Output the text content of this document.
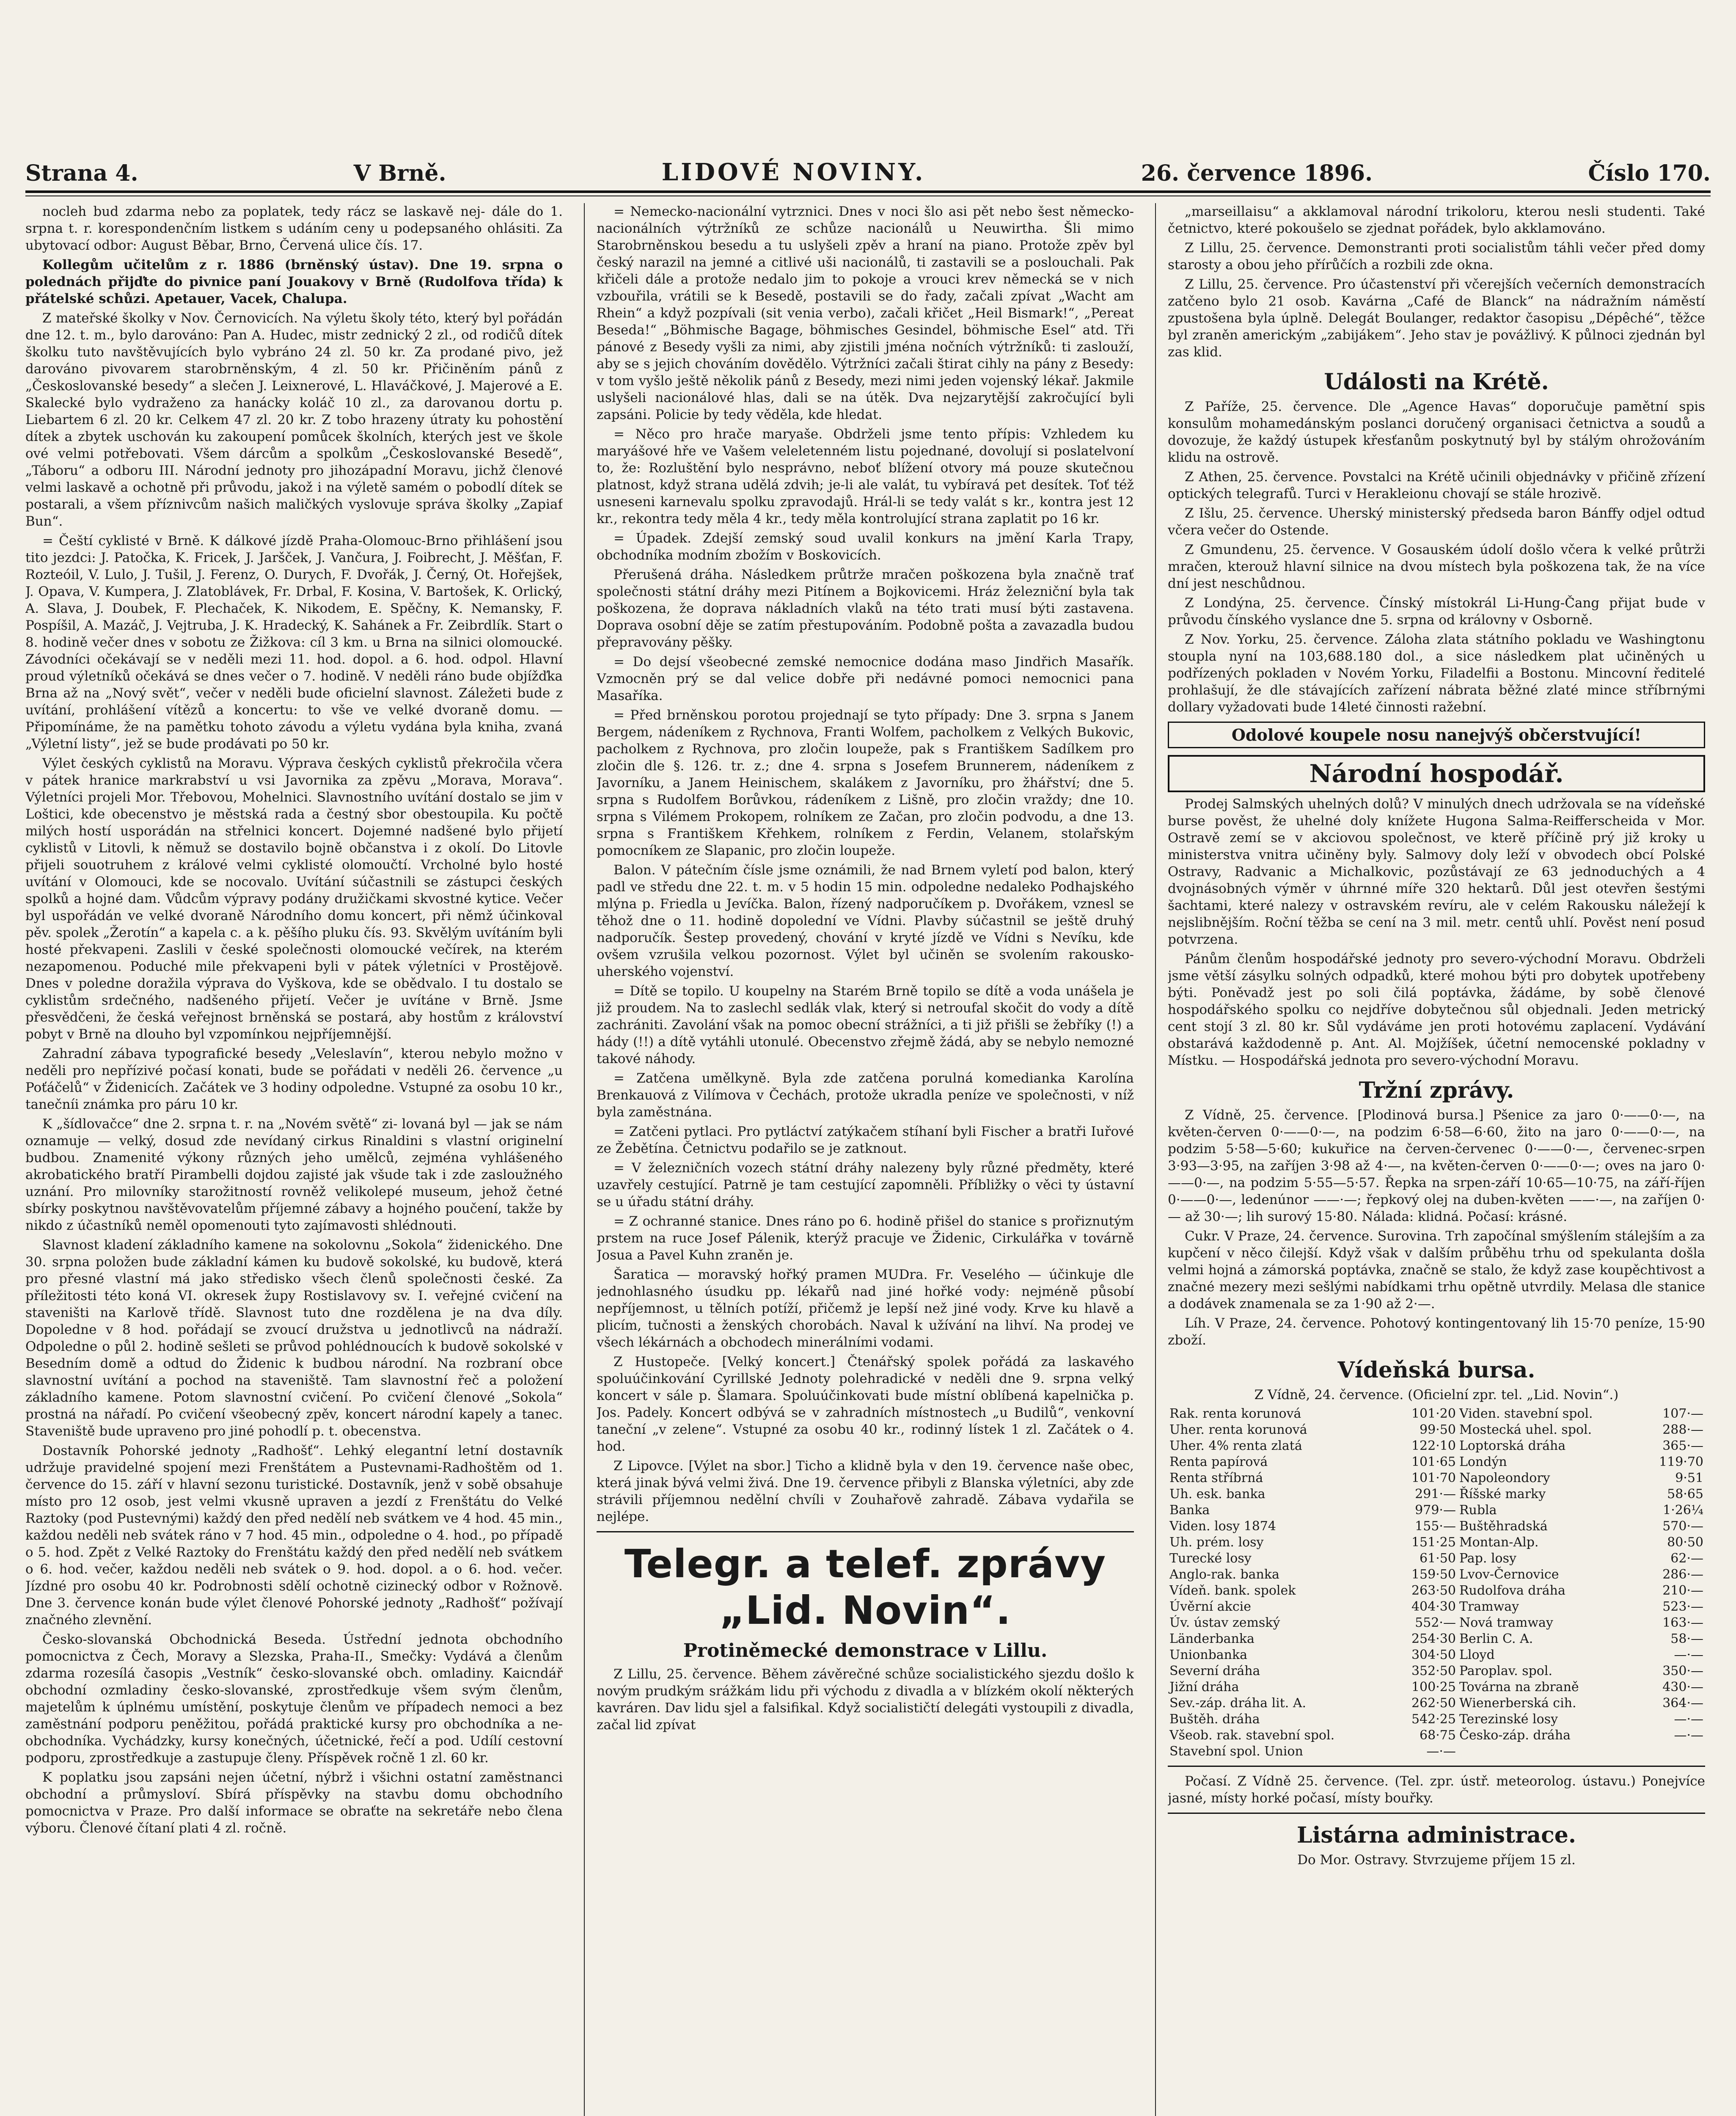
Strana 4.	V Brně.	LIDOVÉ NOVINY.	26. července 1896.	Číslo 170.

nocleh bud zdarma nebo za poplatek, tedy rácz se laskavě nej- dále do 1. srpna t. r. korespondenčním listkem s udáním ceny u podepsaného ohlásiti. Za ubytovací odbor: August Běbar, Brno, Červená ulice čís. 17.

Kollegům učitelům z r. 1886 (brněnský ústav). Dne 19. srpna o polednách přijďte do pivnice paní Jouakovy v Brně (Rudolfova třída) k přátelské schůzi. Apetauer, Vacek, Chalupa.

Z mateřské školky v Nov. Černovicích. Na výletu školy této, který byl pořádán dne 12. t. m., bylo darováno: Pan A. Hudec, mistr zednický 2 zl., od rodičů dítek školku tuto navštěvujících bylo vybráno 24 zl. 50 kr. Za prodané pivo, jež darováno pivovarem starobrněnským, 4 zl. 50 kr. Přičiněním pánů z „Českoslovanské besedy“ a slečen J. Leixnerové, L. Hlaváčkové, J. Majerové a E. Skalecké bylo vydraženo za hanácky koláč 10 zl., za darovanou dortu p. Liebartem 6 zl. 20 kr. Celkem 47 zl. 20 kr. Z tobo hrazeny útraty ku pohostění dítek a zbytek uschován ku zakoupení pomůcek školních, kterých jest ve škole ové velmi potřebovati. Všem dárcům a spolkům „Českoslovanské Besedě“, „Táboru“ a odboru III. Národní jednoty pro jihozápadní Moravu, jichž členové velmi laskavě a ochotně při průvodu, jakož i na výletě samém o pobodlí dítek se postarali, a všem příznivcům našich maličkých vyslovuje správa školky „Zapiaf Bun“.

= Čeští cyklisté v Brně. K dálkové jízdě Praha-Olomouc-Brno přihlášení jsou tito jezdci: J. Patočka, K. Fricek, J. Jaršček, J. Vančura, J. Foibrecht, J. Měšťan, F. Rozteóil, V. Lulo, J. Tušil, J. Ferenz, O. Durych, F. Dvořák, J. Černý, Ot. Hořejšek, J. Opava, V. Kumpera, J. Zlatoblávek, Fr. Drbal, F. Kosina, V. Bartošek, K. Orlický, A. Slava, J. Doubek, F. Plechaček, K. Nikodem, E. Spěčny, K. Nemansky, F. Pospíšil, A. Mazáč, J. Vejtruba, J. K. Hradecký, K. Sahánek a Fr. Zeibrdlík. Start o 8. hodině večer dnes v sobotu ze Žižkova: cíl 3 km. u Brna na silnici olomoucké. Závodníci očekávají se v neděli mezi 11. hod. dopol. a 6. hod. odpol. Hlavní proud výletníků očekává se dnes večer o 7. hodině. V neděli ráno bude objížďka Brna až na „Nový svět“, večer v neděli bude oficielní slavnost. Záležeti bude z uvítání, prohlášení vítězů a koncertu: to vše ve velké dvoraně domu. — Připomínáme, že na pamětku tohoto závodu a výletu vydána byla kniha, zvaná „Výletní listy“, jež se bude prodávati po 50 kr.

Výlet českých cyklistů na Moravu. Výprava českých cyklistů překročila včera v pátek hranice markrabství u vsi Javornika za zpěvu „Morava, Morava“. Výletníci projeli Mor. Třebovou, Mohelnici. Slavnostního uvítání dostalo se jim v Loštici, kde obecenstvo je městská rada a čestný sbor obestoupila. Ku počtě milých hostí usporádán na střelnici koncert. Dojemné nadšené bylo přijetí cyklistů v Litovli, k němuž se dostavilo bojně občanstva i z okolí. Do Litovle přijeli souotruhem z králové velmi cyklisté olomoučtí. Vrcholné bylo hosté uvítání v Olomouci, kde se nocovalo. Uvítání súčastnili se zástupci českých spolků a hojné dam. Vůdcům výpravy podány družičkami skvostné kytice. Večer byl uspořádán ve velké dvoraně Národního domu koncert, při němž účinkoval pěv. spolek „Žerotín“ a kapela c. a k. pěšího pluku čís. 93. Skvělým uvítáním byli hosté překvapeni. Zaslili v české společnosti olomoucké večírek, na kterém nezapomenou. Poduché mile překvapeni byli v pátek výletníci v Prostějově. Dnes v poledne doražila výprava do Vyškova, kde se obědvalo. I tu dostalo se cyklistům srdečného, nadšeného přijetí. Večer je uvítáne v Brně. Jsme přesvědčeni, že česká veřejnost brněnská se postará, aby hostům z království pobyt v Brně na dlouho byl vzpomínkou nejpříjemnější.

Zahradní zábava typografické besedy „Veleslavín“, kterou nebylo možno v neděli pro nepřízivé počasí konati, bude se pořádati v neděli 26. července „u Poťáčelů“ v Židenicích. Začátek ve 3 hodiny odpoledne. Vstupné za osobu 10 kr., tanečníi známka pro páru 10 kr.

K „šídlovačce“ dne 2. srpna t. r. na „Novém světě“ zi- lovaná byl — jak se nám oznamuje — velký, dosud zde nevídaný cirkus Rinaldini s vlastní originelní budbou. Znamenité výkony různých jeho umělců, zejména vyhlášeného akrobatického bratří Pirambelli dojdou zajisté jak všude tak i zde zasloužného uznání. Pro milovníky starožitností rovněž velikolepé museum, jehož četné sbírky poskytnou navštěvovatelům příjemné zábavy a hojného poučení, takže by nikdo z účastníků neměl opomenouti tyto zajímavosti shlédnouti.

Slavnost kladení základního kamene na sokolovnu „Sokola“ židenického. Dne 30. srpna položen bude základní kámen ku budově sokolské, ku budově, která pro přesné vlastní má jako středisko všech členů společnosti české. Za příležitosti této koná VI. okresek župy Rostislavovy sv. I. veřejné cvičení na staveništi na Karlově třídě. Slavnost tuto dne rozdělena je na dva díly. Dopoledne v 8 hod. pořádají se zvoucí družstva u jednotlivců na nádraží. Odpoledne o půl 2. hodině sešleti se průvod pohlédnoucích k budově sokolské v Besedním domě a odtud do Židenic k budbou národní. Na rozbraní obce slavnostní uvítání a pochod na staveniště. Tam slavnostní řeč a položení základního kamene. Potom slavnostní cvičení. Po cvičení členové „Sokola“ prostná na nářadí. Po cvičení všeobecný zpěv, koncert národní kapely a tanec. Staveniště bude upraveno pro jiné pohodlí p. t. obecenstva.

Dostavník Pohorské jednoty „Radhošť“. Lehký elegantní letní dostavník udržuje pravidelné spojení mezi Frenštátem a Pustevnami-Radhoštěm od 1. července do 15. září v hlavní sezonu turistické. Dostavník, jenž v sobě obsahuje místo pro 12 osob, jest velmi vkusně upraven a jezdí z Frenštátu do Velké Raztoky (pod Pustevnými) každý den před nedělí neb svátkem ve 4 hod. 45 min., každou neděli neb svátek ráno v 7 hod. 45 min., odpoledne o 4. hod., po případě o 5. hod. Zpět z Velké Raztoky do Frenštátu každý den před nedělí neb svátkem o 6. hod. večer, každou neděli neb svátek o 9. hod. dopol. a o 6. hod. večer. Jízdné pro osobu 40 kr. Podrobnosti sdělí ochotně cizinecký odbor v Rožnově. Dne 3. července konán bude výlet členové Pohorské jednoty „Radhošť“ požívají značného zlevnění.

Česko-slovanská Obchodnická Beseda. Ústřední jednota obchodního pomocnictva z Čech, Moravy a Slezska, Praha-II., Smečky: Vydává a členům zdarma rozesílá časopis „Vestník“ česko-slovanské obch. omladiny. Kaicndář obchodní ozmladiny česko-slovanské, zprostředkuje všem svým členům, majetelům k úplnému umístění, poskytuje členům ve případech nemoci a bez zaměstnání podporu peněžitou, pořádá praktické kursy pro obchodníka a ne-obchodníka. Vychádzky, kursy konečných, účetnické, řečí a pod. Udílí cestovní podporu, zprostředkuje a zastupuje členy. Příspěvek ročně 1 zl. 60 kr.

K poplatku jsou zapsáni nejen účetní, nýbrž i všichni ostatní zaměstnanci obchodní a průmysloví. Sbírá příspěvky na stavbu domu obchodního pomocnictva v Praze. Pro další informace se obraťte na sekretáře nebo člena výboru. Členové čítaní plati 4 zl. ročně.

= Nemecko-nacionální vytrznici. Dnes v noci šlo asi pět nebo šest německo-nacionálních výtržníků ze schůze nacionálů u Neuwirtha. Šli mimo Starobrněnskou besedu a tu uslyšeli zpěv a hraní na piano. Protože zpěv byl český narazil na jemné a citlivé uši nacionálů, ti zastavili se a poslouchali. Pak křičeli dále a protože nedalo jim to pokoje a vrouci krev německá se v nich vzbouřila, vrátili se k Besedě, postavili se do řady, začali zpívat „Wacht am Rhein“ a když pozpívali (sit venia verbo), začali křičet „Heil Bismark!“, „Pereat Beseda!“ „Böhmische Bagage, böhmisches Gesindel, böhmische Esel“ atd. Tři pánové z Besedy vyšli za nimi, aby zjistili jména nočních výtržníků: ti zaslouží, aby se s jejich chováním dovědělo. Výtržníci začali štirat cihly na pány z Besedy: v tom vyšlo ještě několik pánů z Besedy, mezi nimi jeden vojenský lékař. Jakmile uslyšeli nacionálové hlas, dali se na útěk. Dva nejzarytější zakročující byli zapsáni. Policie by tedy věděla, kde hledat.

= Něco pro hrače maryaše. Obdrželi jsme tento přípis: Vzhledem ku maryášové hře ve Vašem veleletenném listu pojednané, dovolují si poslatelvoní to, že: Rozluštění bylo nesprávno, neboť blížení otvory má pouze skutečnou platnost, když strana udělá zdvih; je-li ale valát, tu vybíravá pet desítek. Toť též usneseni karnevalu spolku zpravodajů. Hrál-li se tedy valát s kr., kontra jest 12 kr., rekontra tedy měla 4 kr., tedy měla kontrolující strana zaplatit po 16 kr.

= Úpadek. Zdejší zemský soud uvalil konkurs na jmění Karla Trapy, obchodníka modním zbožím v Boskovicích.

Přerušená dráha. Následkem průtrže mračen poškozena byla značně trať společnosti státní dráhy mezi Pitínem a Bojkovicemi. Hráz železniční byla tak poškozena, že doprava nákladních vlaků na této trati musí býti zastavena. Doprava osobní děje se zatím přestupováním. Podobně pošta a zavazadla budou přepravovány pěšky.

= Do dejsí všeobecné zemské nemocnice dodána maso Jindřich Masařík. Vzmocněn prý se dal velice dobře při nedávné pomoci nemocnici pana Masaříka.

= Před brněnskou porotou projednají se tyto případy: Dne 3. srpna s Janem Bergem, nádeníkem z Rychnova, Franti Wolfem, pacholkem z Velkých Bukovic, pacholkem z Rychnova, pro zločin loupeže, pak s Františkem Sadílkem pro zločin dle §. 126. tr. z.; dne 4. srpna s Josefem Brunnerem, nádeníkem z Javorníku, a Janem Heinischem, skalákem z Javorníku, pro žhářství; dne 5. srpna s Rudolfem Borůvkou, rádeníkem z Lišně, pro zločin vraždy; dne 10. srpna s Vilémem Prokopem, rolníkem ze Začan, pro zločin podvodu, a dne 13. srpna s Františkem Křehkem, rolníkem z Ferdin, Velanem, stolařským pomocníkem ze Slapanic, pro zločin loupeže.

Balon. V pátečním čísle jsme oznámili, že nad Brnem vyletí pod balon, který padl ve středu dne 22. t. m. v 5 hodin 15 min. odpoledne nedaleko Podhajského mlýna p. Friedla u Jevíčka. Balon, řízený nadporučíkem p. Dvořákem, vznesl se těhož dne o 11. hodině dopolední ve Vídni. Plavby súčastnil se ještě druhý nadporučík. Šestep provedený, chování v kryté jízdě ve Vídni s Nevíku, kde ovšem vzrušila velkou pozornost. Výlet byl učiněn se svolením rakousko-uherského vojenství.

= Dítě se topilo. U koupelny na Starém Brně topilo se dítě a voda unášela je již proudem. Na to zaslechl sedlák vlak, který si netroufal skočit do vody a dítě zachrániti. Zavolání však na pomoc obecní strážníci, a ti již přišli se žebříky (!) a hády (!!) a dítě vytáhli utonulé. Obecenstvo zřejmě žádá, aby se nebylo nemozné takové náhody.

= Zatčena umělkyně. Byla zde zatčena porulná komedianka Karolína Brenkauová z Vilímova v Čechách, protože ukradla peníze ve společnosti, v níž byla zaměstnána.

= Zatčeni pytlaci. Pro pytláctví zatýkačem stíhaní byli Fischer a bratři Iuřové ze Žebětína. Četnictvu podařilo se je zatknout.

= V železničních vozech státní dráhy nalezeny byly různé předměty, které uzavřely cestující. Patrně je tam cestující zapomněli. Příbližky o věci ty ústavní se u úřadu státní dráhy.

= Z ochranné stanice. Dnes ráno po 6. hodině přišel do stanice s prořiznutým prstem na ruce Josef Pálenik, kterýž pracuje ve Židenic, Cirkulářka v továrně Josua a Pavel Kuhn zraněn je.

Šaratica — moravský hořký pramen MUDra. Fr. Veselého — účinkuje dle jednohlasného úsudku pp. lékařů nad jiné hořké vody: nejméně působí nepříjemnost, u tělních potíží, přičemž je lepší než jiné vody. Krve ku hlavě a plicím, tučnosti a ženských chorobách. Naval k užívání na lihví. Na prodej ve všech lékárnách a obchodech minerálními vodami.

Z Hustopeče. [Velký koncert.] Čtenářský spolek pořádá za laskavého spoluúčinkování Cyrillské Jednoty polehradické v neděli dne 9. srpna velký koncert v sále p. Šlamara. Spoluúčinkovati bude místní oblíbená kapelnička p. Jos. Padely. Koncert odbývá se v zahradních místnostech „u Budilů“, venkovní taneční „v zelene“. Vstupné za osobu 40 kr., rodinný lístek 1 zl. Začátek o 4. hod.

Z Lipovce. [Výlet na sbor.] Ticho a klidně byla v den 19. července naše obec, která jinak bývá velmi živá. Dne 19. července přibyli z Blanska výletníci, aby zde strávili příjemnou nedělní chvíli v Zouhařově zahradě. Zábava vydařila se nejlépe.

Telegr. a telef. zprávy „Lid. Novin“.
Protiněmecké demonstrace v Lillu.

Z Lillu, 25. července. Během závěrečné schůze socialistického sjezdu došlo k novým prudkým srážkám lidu při východu z divadla a v blízkém okolí některých kavráren. Dav lidu sjel a falsifikal. Když socialističtí delegáti vystoupili z divadla, začal lid zpívat

„marseillaisu“ a akklamoval národní trikoloru, kterou nesli studenti. Také četnictvo, které pokoušelo se zjednat pořádek, bylo akklamováno.

Z Lillu, 25. července. Demonstranti proti socialistům táhli večer před domy starosty a obou jeho přírůčích a rozbili zde okna.

Z Lillu, 25. července. Pro účastenství při včerejších večerních demonstracích zatčeno bylo 21 osob. Kavárna „Café de Blanck“ na nádražním náměstí zpustošena byla úplně. Delegát Boulanger, redaktor časopisu „Dépêché“, těžce byl zraněn americkým „zabijákem“. Jeho stav je povážlivý. K půlnoci zjednán byl zas klid.

Události na Krétě.

Z Paříže, 25. července. Dle „Agence Havas“ doporučuje pamětní spis konsulům mohamedánským poslanci doručený organisaci četnictva a soudů a dovozuje, že každý ústupek křesťanům poskytnutý byl by stálým ohrožováním klidu na ostrově.

Z Athen, 25. července. Povstalci na Krétě učinili objednávky v přičině zřízení optických telegrafů. Turci v Herakleionu chovají se stále hrozivě.

Z Išlu, 25. července. Uherský ministerský předseda baron Bánffy odjel odtud včera večer do Ostende.

Z Gmundenu, 25. července. V Gosauském údolí došlo včera k velké průtrži mračen, kterouž hlavní silnice na dvou místech byla poškozena tak, že na více dní jest neschůdnou.

Z Londýna, 25. července. Čínský místokrál Li-Hung-Čang přijat bude v průvodu čínského vyslance dne 5. srpna od královny v Osborně.

Z Nov. Yorku, 25. července. Záloha zlata státního pokladu ve Washingtonu stoupla nyní na 103,688.180 dol., a sice následkem plat učiněných u podřízených pokladen v Novém Yorku, Filadelfii a Bostonu. Mincovní ředitelé prohlašují, že dle stávajících zařízení nábrata běžné zlaté mince stříbrnými dollary vyžadovati bude 14leté činnosti ražební.

Odolové koupele nosu nanejvýš občerstvující!
Národní hospodář.

Prodej Salmských uhelných dolů? V minulých dnech udržovala se na vídeňské burse pověst, že uhelné doly knížete Hugona Salma-Reifferscheida v Mor. Ostravě zemí se v akciovou společnost, ve kterě příčině prý již kroky u ministerstva vnitra učiněny byly. Salmovy doly leží v obvodech obcí Polské Ostravy, Radvanic a Michalkovic, pozůstávají ze 63 jednoduchých a 4 dvojnásobných výměr v úhrnné míře 320 hektarů. Důl jest otevřen šestými šachtami, které nalezy v ostravském revíru, ale v celém Rakousku náležejí k nejslibnějším. Roční těžba se cení na 3 mil. metr. centů uhlí. Pověst není posud potvrzena.

Pánům členům hospodářské jednoty pro severo-východní Moravu. Obdrželi jsme větší zásylku solných odpadků, které mohou býti pro dobytek upotřebeny býti. Poněvadž jest po soli čilá poptávka, žádáme, by sobě členové hospodářského spolku co nejdříve dobytečnou sůl objednali. Jeden metrický cent stojí 3 zl. 80 kr. Sůl vydáváme jen proti hotovému zaplacení. Vydávání obstarává každodenně p. Ant. Al. Mojžíšek, účetní nemocenské pokladny v Místku. — Hospodářská jednota pro severo-východní Moravu.

Tržní zprávy.

Z Vídně, 25. července. [Plodinová bursa.] Pšenice za jaro 0·——0·—, na květen-červen 0·——0·—, na podzim 6·58—6·60, žito na jaro 0·——0·—, na podzim 5·58—5·60; kukuřice na červen-červenec 0·——0·—, červenec-srpen 3·93—3·95, na zaříjen 3·98 až 4·—, na květen-červen 0·——0·—; oves na jaro 0·——0·—, na podzim 5·55—5·57. Řepka na srpen-září 10·65—10·75, na září-říjen 0·——0·—, ledenúnor ——·—; řepkový olej na duben-květen ——·—, na zaříjen 0·— až 30·—; lih surový 15·80. Nálada: klidná. Počasí: krásné.

Cukr. V Praze, 24. července. Surovina. Trh započínal smýšlením stálejším a za kupčení v něco čilejší. Když však v dalším průběhu trhu od spekulanta došla velmi hojná a zámorská poptávka, značně se stalo, že když zase koupěchtivost a značné mezery mezi sešlými nabídkami trhu opětně utvrdily. Melasa dle stanice a dodávek znamenala se za 1·90 až 2·—.

Líh. V Praze, 24. července. Pohotový kontingentovaný lih 15·70 peníze, 15·90 zboží.

Vídeňská bursa.

Z Vídně, 24. července. (Oficielní zpr. tel. „Lid. Novin“.)

Rak. renta korunová	101·20	Viden. stavební spol.	107·—
Uher. renta korunová	99·50	Mostecká uhel. spol.	288·—
Uher. 4% renta zlatá	122·10	Loptorská dráha	365·—
Renta papírová	101·65	Londýn	119·70
Renta stříbrná	101·70	Napoleondory	9·51
Uh. esk. banka	291·—	Říšské marky	58·65
Banka	979·—	Rubla	1·26¼
Viden. losy 1874	155·—	Buštěhradská	570·—
Uh. prém. losy	151·25	Montan-Alp.	80·50
Turecké losy	61·50	Pap. losy	62·—
Anglo-rak. banka	159·50	Lvov-Černovice	286·—
Vídeň. bank. spolek	263·50	Rudolfova dráha	210·—
Úvěrní akcie	404·30	Tramway	523·—
Úv. ústav zemský	552·—	Nová tramway	163·—
Länderbanka	254·30	Berlin C. A.	58·—
Unionbanka	304·50	Lloyd	—·—
Severní dráha	352·50	Paroplav. spol.	350·—
Jižní dráha	100·25	Továrna na zbraně	430·—
Sev.-záp. dráha lit. A.	262·50	Wienerberská cih.	364·—
Buštěh. dráha	542·25	Terezinské losy	—·—
Všeob. rak. stavební spol.	68·75	Česko-záp. dráha	—·—
Stavební spol. Union	—·—		

Počasí. Z Vídně 25. července. (Tel. zpr. ústř. meteorolog. ústavu.) Ponejvíce jasné, místy horké počasí, místy bouřky.

Listárna administrace.

Do Mor. Ostravy. Stvrzujeme příjem 15 zl.
